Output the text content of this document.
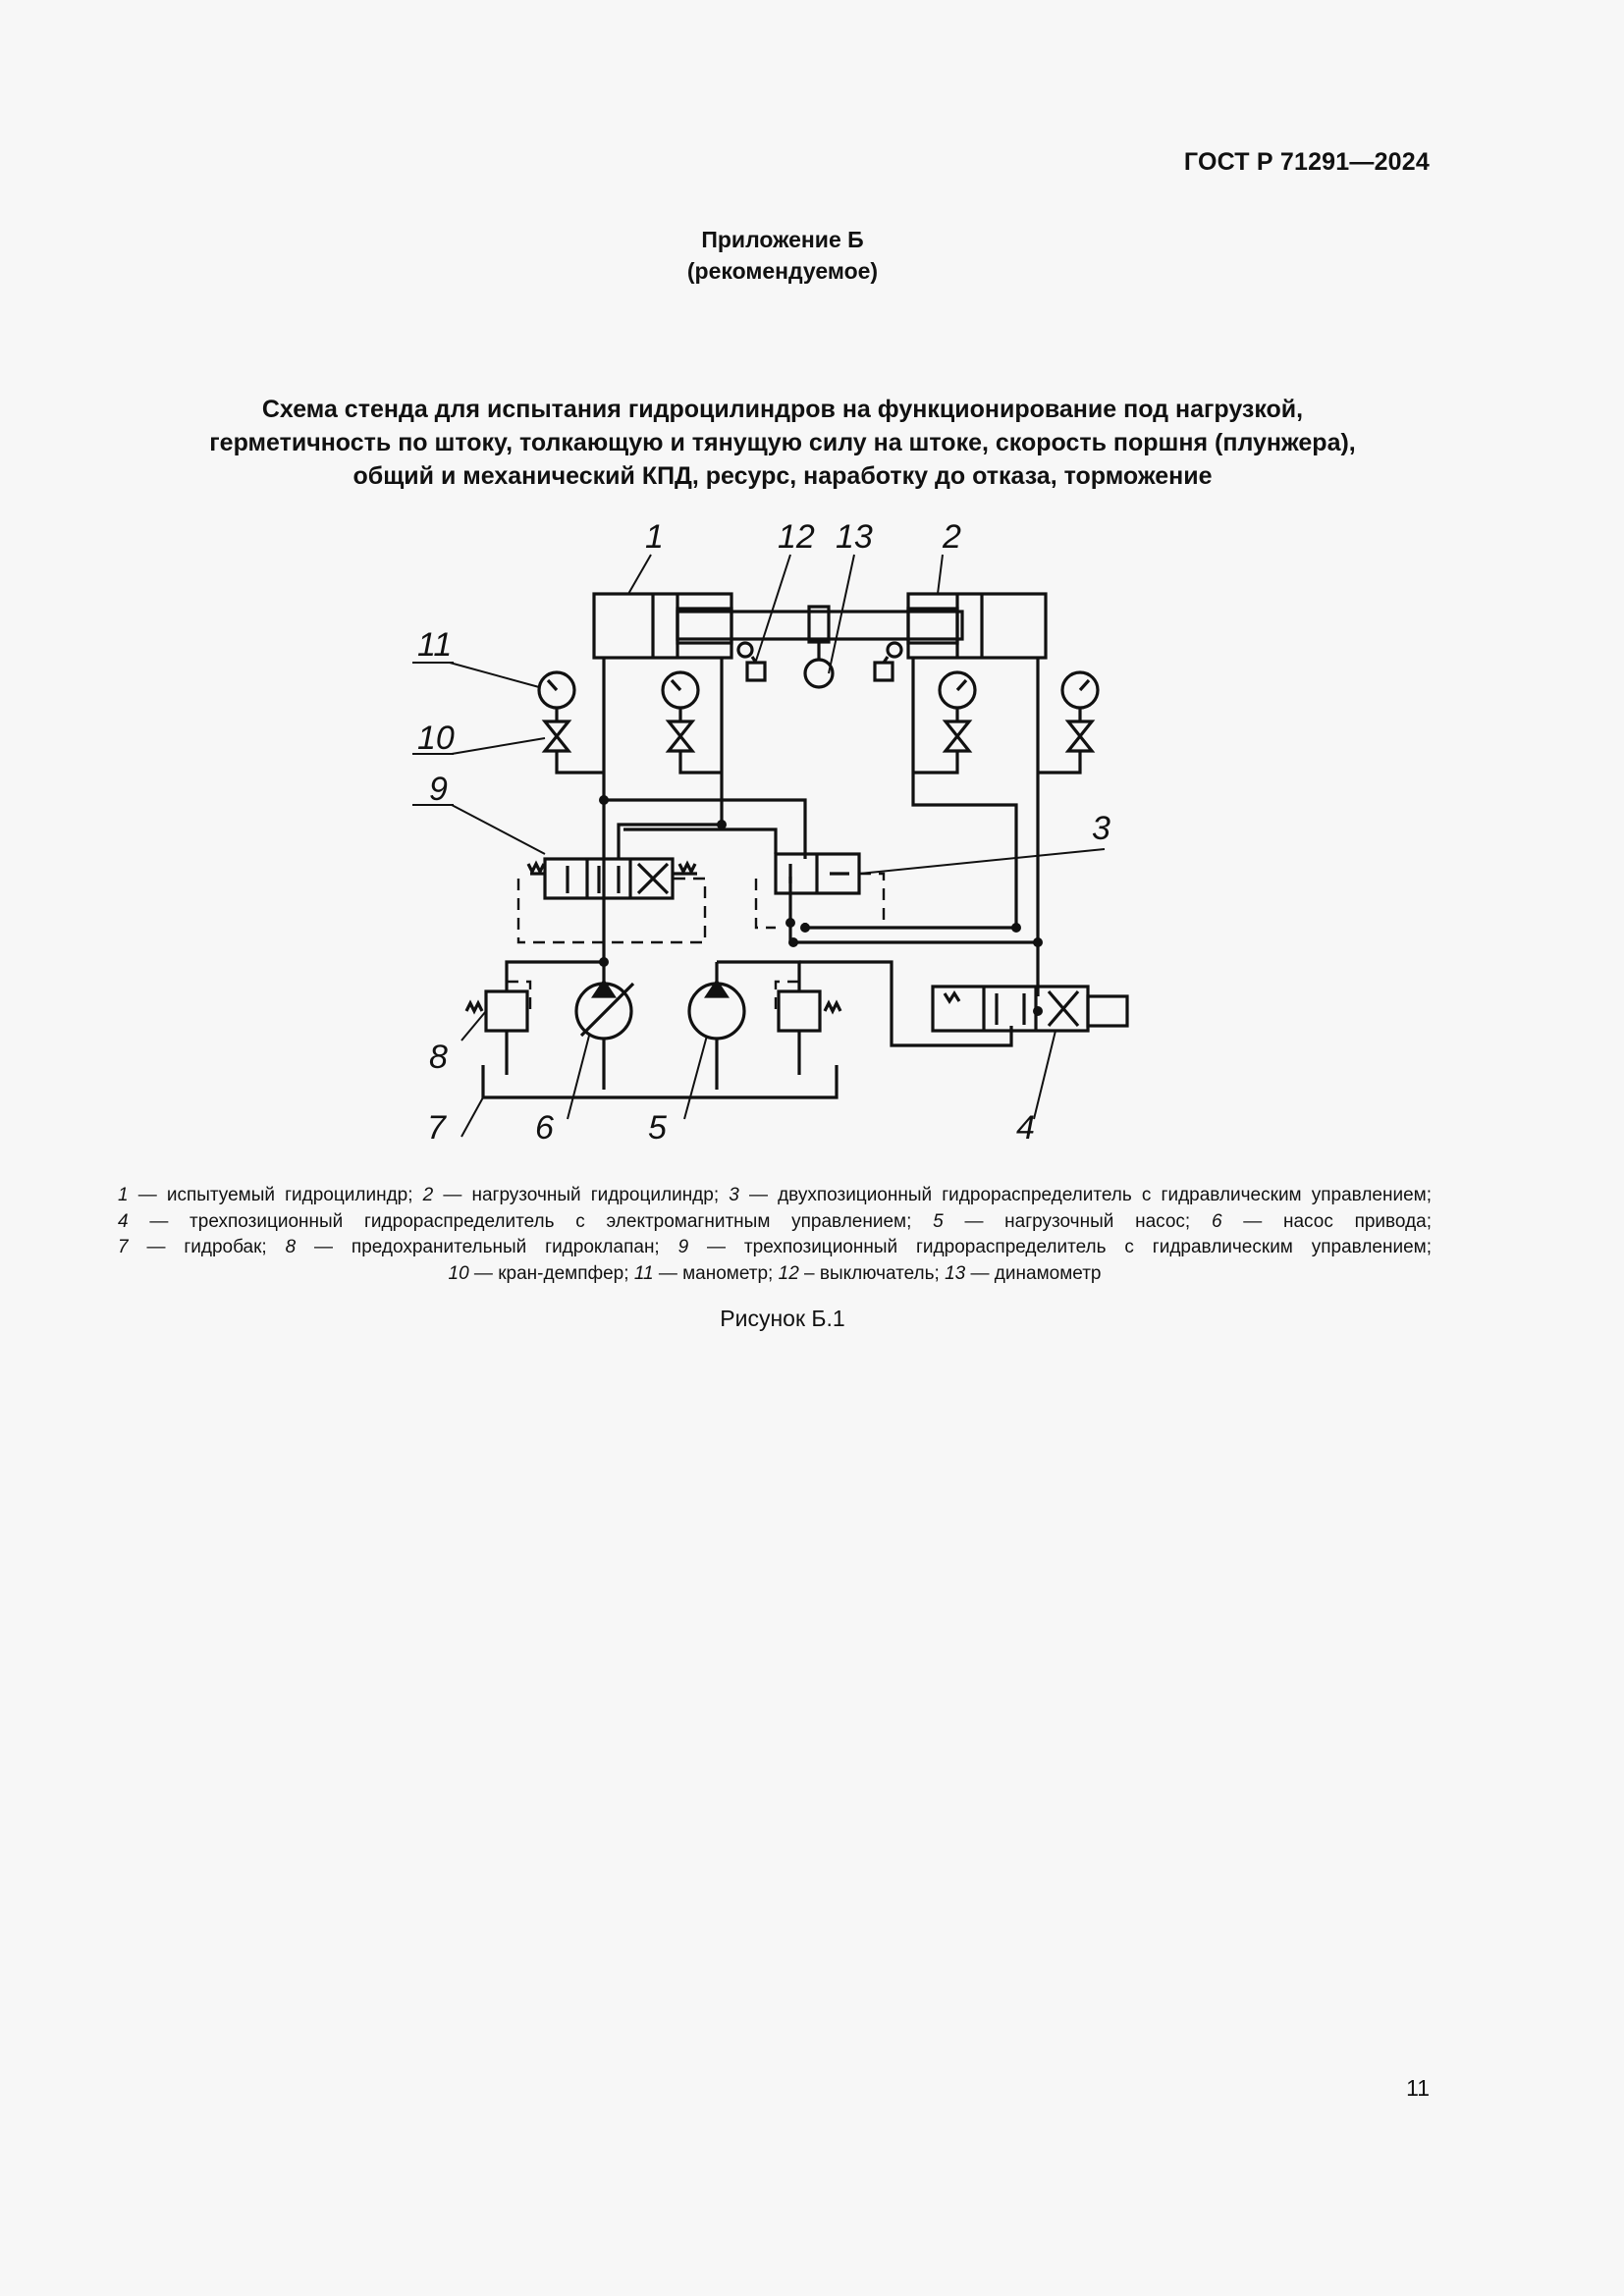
ГОСТ Р 71291—2024
Приложение Б
(рекомендуемое)
Схема стенда для испытания гидроцилиндров на функционирование под нагрузкой,
герметичность по штоку, толкающую и тянущую силу на штоке, скорость поршня (плунжера),
общий и механический КПД, ресурс, наработку до отказа, торможение
1	12 13 2
3
4
5
6
7
8
9
10
11
1 — испытуемый гидроцилиндр; 2 — нагрузочный гидроцилиндр; 3 — двухпозиционный гидрораспределитель с гидравлическим управлением;
4 — трехпозиционный гидрораспределитель с электромагнитным управлением; 5 — нагрузочный насос; 6 — насос привода;
7 — гидробак; 8 — предохранительный гидроклапан; 9 — трехпозиционный гидрораспределитель с гидравлическим управлением;
10 — кран-демпфер; 11 — манометр; 12 – выключатель; 13 — динамометр
Рисунок Б.1
11
